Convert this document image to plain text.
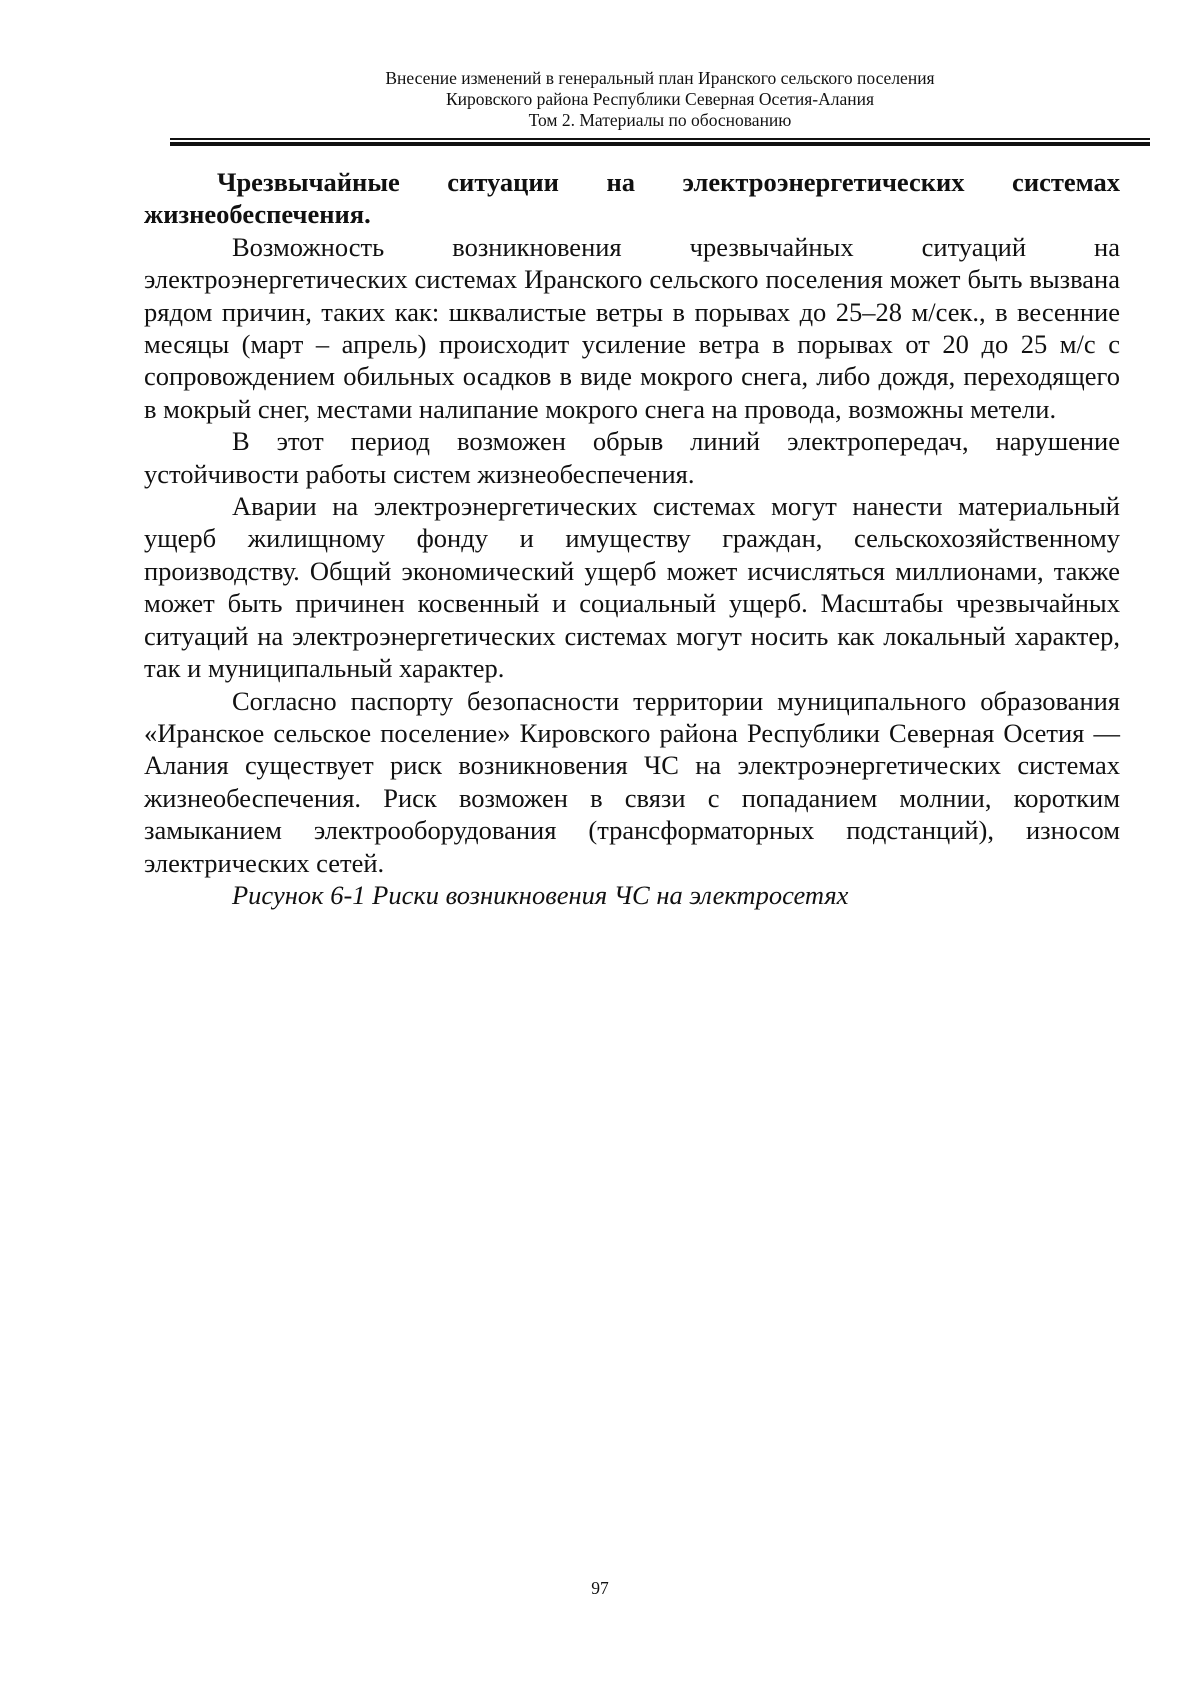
Внесение изменений в генеральный план Иранского сельского поселения
Кировского района Республики Северная Осетия-Алания
Том 2. Материалы по обоснованию

Чрезвычайные ситуации на электроэнергетических системах жизнеобеспечения.

Возможность возникновения чрезвычайных ситуаций на электроэнергетических системах Иранского сельского поселения может быть вызвана рядом причин, таких как: шквалистые ветры в порывах до 25–28 м/сек., в весенние месяцы (март – апрель) происходит усиление ветра в порывах от 20 до 25 м/с с сопровождением обильных осадков в виде мокрого снега, либо дождя, переходящего в мокрый снег, местами налипание мокрого снега на провода, возможны метели.

В этот период возможен обрыв линий электропередач, нарушение устойчивости работы систем жизнеобеспечения.

Аварии на электроэнергетических системах могут нанести материальный ущерб жилищному фонду и имуществу граждан, сельскохозяйственному производству. Общий экономический ущерб может исчисляться миллионами, также может быть причинен косвенный и социальный ущерб. Масштабы чрезвычайных ситуаций на электроэнергетических системах могут носить как локальный характер, так и муниципальный характер.

Согласно паспорту безопасности территории муниципального образования «Иранское сельское поселение» Кировского района Республики Северная Осетия — Алания существует риск возникновения ЧС на электроэнергетических системах жизнеобеспечения. Риск возможен в связи с попаданием молнии, коротким замыканием электрооборудования (трансформаторных подстанций), износом электрических сетей.

Рисунок 6-1 Риски возникновения ЧС на электросетях

97
